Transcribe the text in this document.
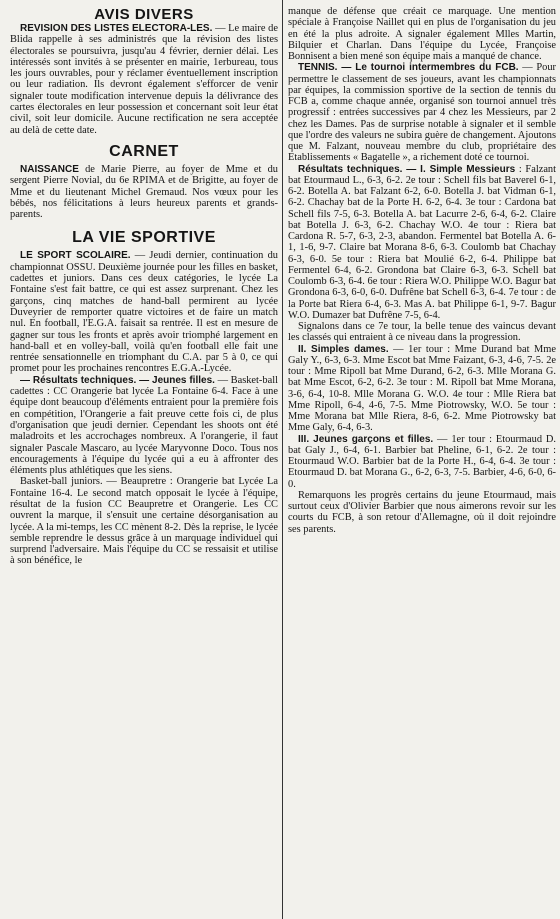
AVIS DIVERS

REVISION DES LISTES ELECTORA-LES. — Le maire de Blida rappelle à ses administrés que la révision des listes électorales se poursuivra, jusqu'au 4 février, dernier délai. Les intéressés sont invités à se présenter en mairie, 1erbureau, tous les jours ouvrables, pour y réclamer éventuellement inscription ou leur radiation. Ils devront également s'efforcer de venir signaler toute modification intervenue depuis la délivrance des cartes électorales en leur possession et concernant soit leur état civil, soit leur domicile. Aucune rectification ne sera acceptée au delà de cette date.

CARNET

NAISSANCE de Marie Pierre, au foyer de Mme et du sergent Pierre Novial, du 6e RPIMA et de Brigitte, au foyer de Mme et du lieutenant Michel Gremaud. Nos vœux pour les bébés, nos félicitations à leurs heureux parents et grands-parents.

LA VIE SPORTIVE

LE SPORT SCOLAIRE. — Jeudi dernier, continuation du championnat OSSU. Deuxième journée pour les filles en basket, cadettes et juniors. Dans ces deux catégories, le lycée La Fontaine s'est fait battre, ce qui est assez surprenant. Chez les garçons, cinq matches de hand-ball permirent au lycée Duveyrier de remporter quatre victoires et de faire un match nul. En football, l'E.G.A. faisait sa rentrée. Il est en mesure de gagner sur tous les fronts et après avoir triomphé largement en hand-ball et en volley-ball, voilà qu'en football elle fait une rentrée sensationnelle en triomphant du C.A. par 5 à 0, ce qui promet pour les prochaines rencontres E.G.A.-Lycée.

— Résultats techniques. — Jeunes filles. — Basket-ball cadettes : CC Orangerie bat lycée La Fontaine 6-4. Face à une équipe dont beaucoup d'éléments entraient pour la première fois en compétition, l'Orangerie a fait preuve cette fois ci, de plus d'organisation que jeudi dernier. Cependant les shoots ont été maladroits et les accrochages nombreux. A l'orangerie, il faut signaler Pascale Mascaro, au lycée Maryvonne Doco. Tous nos encouragements à l'équipe du lycée qui a eu à affronter des éléments plus athlétiques que les siens.

Basket-ball juniors. — Beaupretre : Orangerie bat Lycée La Fontaine 16-4. Le second match opposait le lycée à l'équipe, résultat de la fusion CC Beaupretre et Orangerie. Les CC ouvrent la marque, il s'ensuit une certaine désorganisation au lycée. A la mi-temps, les CC mènent 8-2. Dès la reprise, le lycée semble reprendre le dessus grâce à un marquage individuel qui surprend l'adversaire. Mais l'équipe du CC se ressaisit et utilise à son bénéfice, le

manque de défense que créait ce marquage. Une mention spéciale à Françoise Naillet qui en plus de l'organisation du jeu en été la plus adroite. A signaler également Mlles Martin, Bilquier et Charlan. Dans l'équipe du Lycée, Françoise Bonnisent a bien mené son équipe mais a manqué de chance.

TENNIS. — Le tournoi intermembres du FCB. — Pour permettre le classement de ses joueurs, avant les championnats par équipes, la commission sportive de la section de tennis du FCB a, comme chaque année, organisé son tournoi annuel très progressif : entrées successives par 4 chez les Messieurs, par 2 chez les Dames. Pas de surprise notable à signaler et il semble que l'ordre des valeurs ne subira guère de changement. Ajoutons que M. Falzant, nouveau membre du club, propriétaire des Etablissements « Bagatelle », a richement doté ce tournoi.

Résultats techniques. — I. Simple Messieurs : Falzant bat Etourmaud L., 6-3, 6-2. 2e tour : Schell fils bat Baverel 6-1, 6-2. Botella A. bat Falzant 6-2, 6-0. Botella J. bat Vidman 6-1, 6-2. Chachay bat de la Porte H. 6-2, 6-4. 3e tour : Cardona bat Schell fils 7-5, 6-3. Botella A. bat Lacurre 2-6, 6-4, 6-2. Claire bat Botella J. 6-3, 6-2. Chachay W.O. 4e tour : Riera bat Cardona R. 5-7, 6-3, 2-3, abandon. Fermentel bat Botella A. 6-1, 1-6, 9-7. Claire bat Morana 8-6, 6-3. Coulomb bat Chachay 6-3, 6-0. 5e tour : Riera bat Moulié 6-2, 6-4. Philippe bat Fermentel 6-4, 6-2. Grondona bat Claire 6-3, 6-3. Schell bat Coulomb 6-3, 6-4. 6e tour : Riera W.O. Philippe W.O. Bagur bat Grondona 6-3, 6-0, 6-0. Dufrêne bat Schell 6-3, 6-4. 7e tour : de la Porte bat Riera 6-4, 6-3. Mas A. bat Philippe 6-1, 9-7. Bagur W.O. Dumazer bat Dufrêne 7-5, 6-4.

Signalons dans ce 7e tour, la belle tenue des vaincus devant les classés qui entraient à ce niveau dans la progression.

II. Simples dames. — 1er tour : Mme Durand bat Mme Galy Y., 6-3, 6-3. Mme Escot bat Mme Faizant, 6-3, 4-6, 7-5. 2e tour : Mme Ripoll bat Mme Durand, 6-2, 6-3. Mlle Morana G. bat Mme Escot, 6-2, 6-2. 3e tour : M. Ripoll bat Mme Morana, 3-6, 6-4, 10-8. Mlle Morana G. W.O. 4e tour : Mlle Riera bat Mme Ripoll, 6-4, 4-6, 7-5. Mme Piotrowsky, W.O. 5e tour : Mme Morana bat Mlle Riera, 8-6, 6-2. Mme Piotrowsky bat Mme Galy, 6-4, 6-3.

III. Jeunes garçons et filles. — 1er tour : Etourmaud D. bat Galy J., 6-4, 6-1. Barbier bat Pheline, 6-1, 6-2. 2e tour : Etourmaud W.O. Barbier bat de la Porte H., 6-4, 6-4. 3e tour : Etourmaud D. bat Morana G., 6-2, 6-3, 7-5. Barbier, 4-6, 6-0, 6-0.

Remarquons les progrès certains du jeune Etourmaud, mais surtout ceux d'Olivier Barbier que nous aimerons revoir sur les courts du FCB, à son retour d'Allemagne, où il doit rejoindre ses parents.
